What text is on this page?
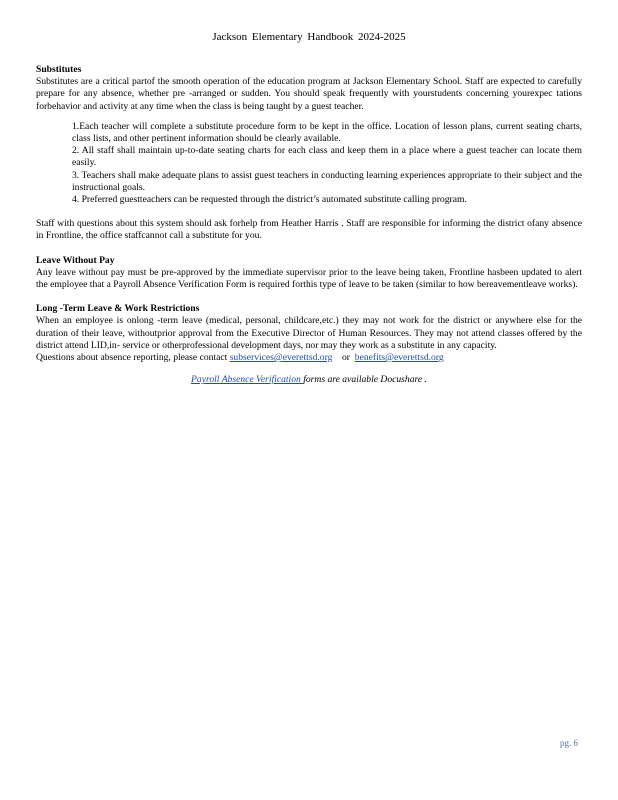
Jackson Elementary Handbook 2024-2025

Substitutes

Substitutes are a critical partof the smooth operation of the education program at Jackson Elementary School. Staff are expected to carefully prepare for any absence, whether pre -arranged or sudden. You should speak frequently with yourstudents concerning yourexpec tations forbehavior and activity at any time when the class is being taught by a guest teacher.

1.Each teacher will complete a substitute procedure form to be kept in the office. Location of lesson plans, current seating charts, class lists, and other pertinent information should be clearly available.

2. All staff shall maintain up-to-date seating charts for each class and keep them in a place where a guest teacher can locate them easily.

3. Teachers shall make adequate plans to assist guest teachers in conducting learning experiences appropriate to their subject and the instructional goals.

4. Preferred guestteachers can be requested through the district’s automated substitute calling program.

Staff with questions about this system should ask forhelp from Heather Harris . Staff are responsible for informing the district ofany absence in Frontline, the office staffcannot call a substitute for you.

Leave Without Pay

Any leave without pay must be pre-approved by the immediate supervisor prior to the leave being taken, Frontline hasbeen updated to alert the employee that a Payroll Absence Verification Form is required forthis type of leave to be taken (similar to how bereavementleave works).

Long -Term Leave & Work Restrictions

When an employee is onlong -term leave (medical, personal, childcare,etc.) they may not work for the district or anywhere else for the duration of their leave, withoutprior approval from the Executive Director of Human Resources. They may not attend classes offered by the district attend LID,in- service or otherprofessional development days, nor may they work as a substitute in any capacity.

Questions about absence reporting, please contact subservices@everettsd.org    or  benefits@everettsd.org

Payroll Absence Verification forms are available Docushare .

pg. 6
